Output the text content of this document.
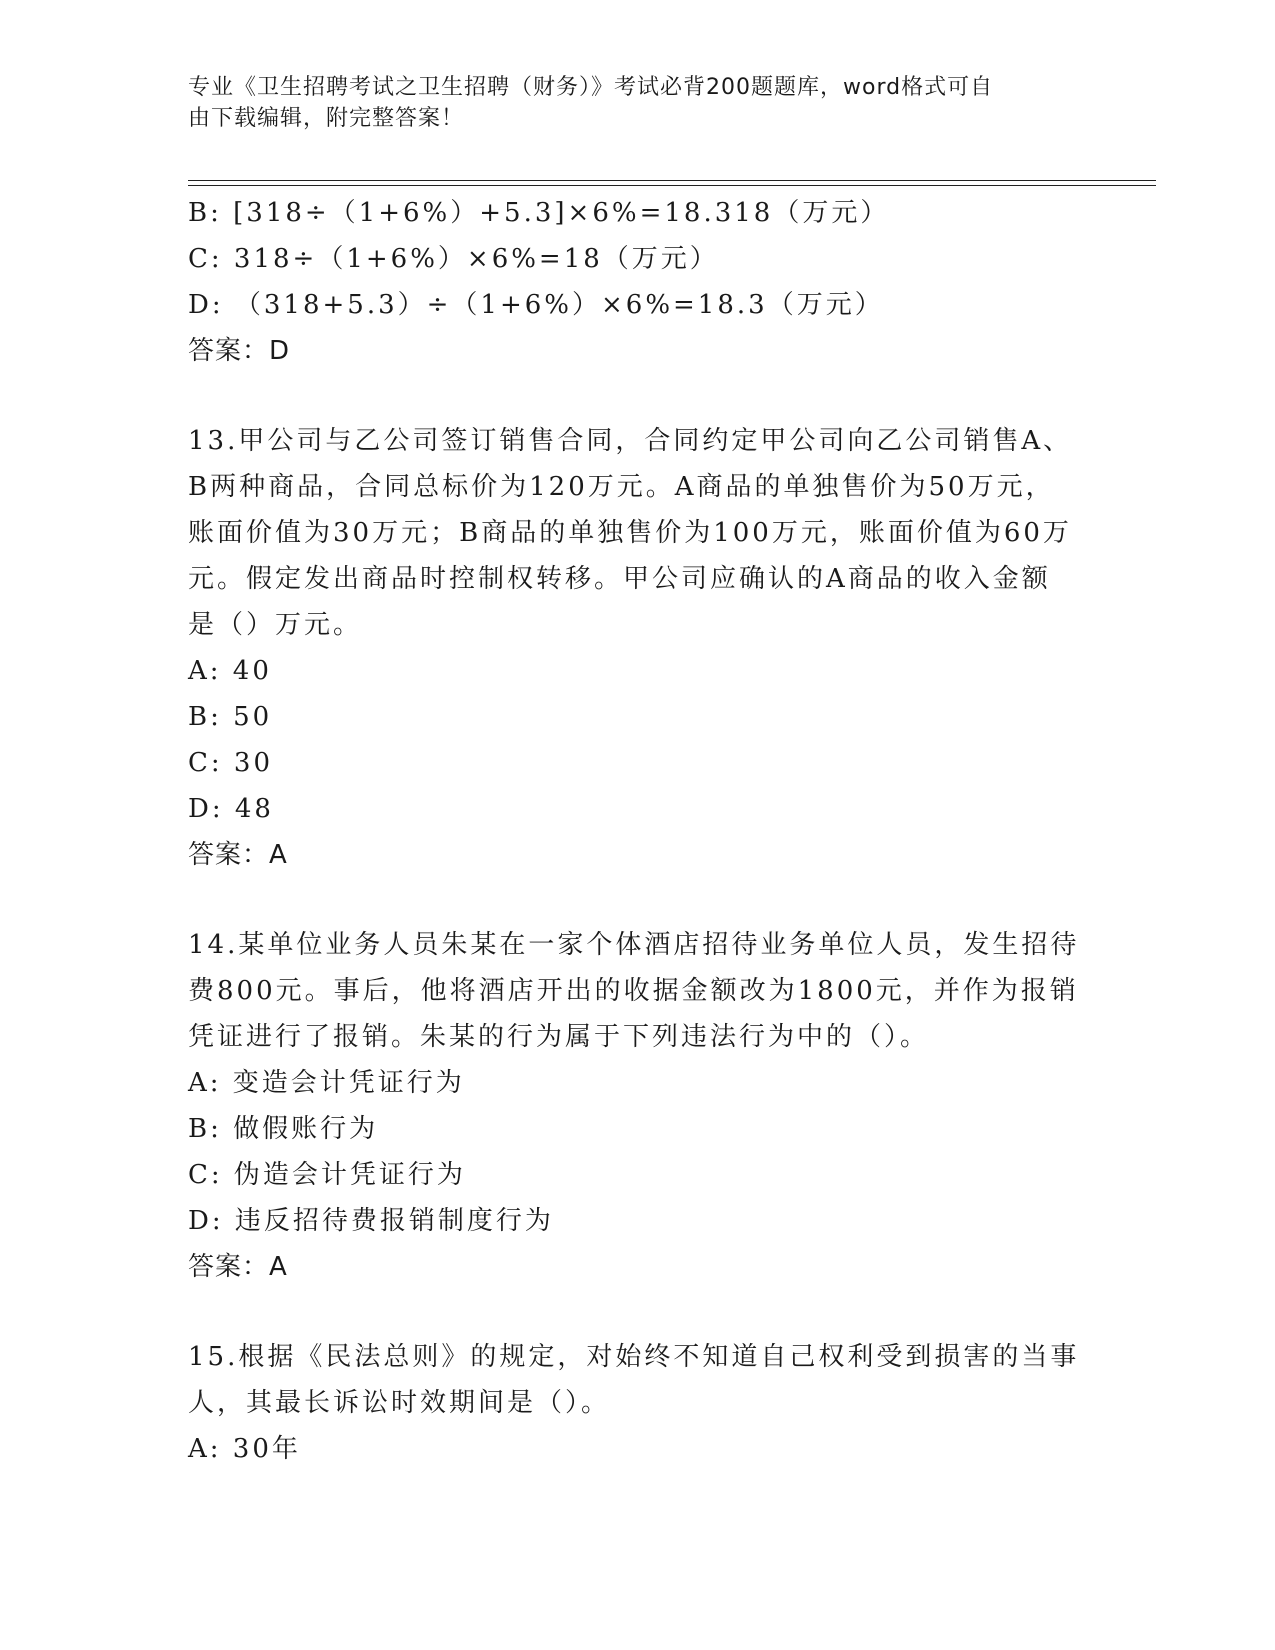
专业《卫生招聘考试之卫生招聘（财务）》考试必背200题题库，word格式可自
由下载编辑，附完整答案！
B: [318÷（1+6%）+5.3]×6%=18.318（万元）
C: 318÷（1+6%）×6%=18（万元）
D: （318+5.3）÷（1+6%）×6%=18.3（万元）
答案：D
13.甲公司与乙公司签订销售合同，合同约定甲公司向乙公司销售A、
B两种商品，合同总标价为120万元。A商品的单独售价为50万元，
账面价值为30万元；B商品的单独售价为100万元，账面价值为60万
元。假定发出商品时控制权转移。甲公司应确认的A商品的收入金额
是（）万元。
A: 40
B: 50
C: 30
D: 48
答案：A
14.某单位业务人员朱某在一家个体酒店招待业务单位人员，发生招待
费800元。事后，他将酒店开出的收据金额改为1800元，并作为报销
凭证进行了报销。朱某的行为属于下列违法行为中的（）。
A: 变造会计凭证行为
B: 做假账行为
C: 伪造会计凭证行为
D: 违反招待费报销制度行为
答案：A
15.根据《民法总则》的规定，对始终不知道自己权利受到损害的当事
人，其最长诉讼时效期间是（）。
A: 30年
